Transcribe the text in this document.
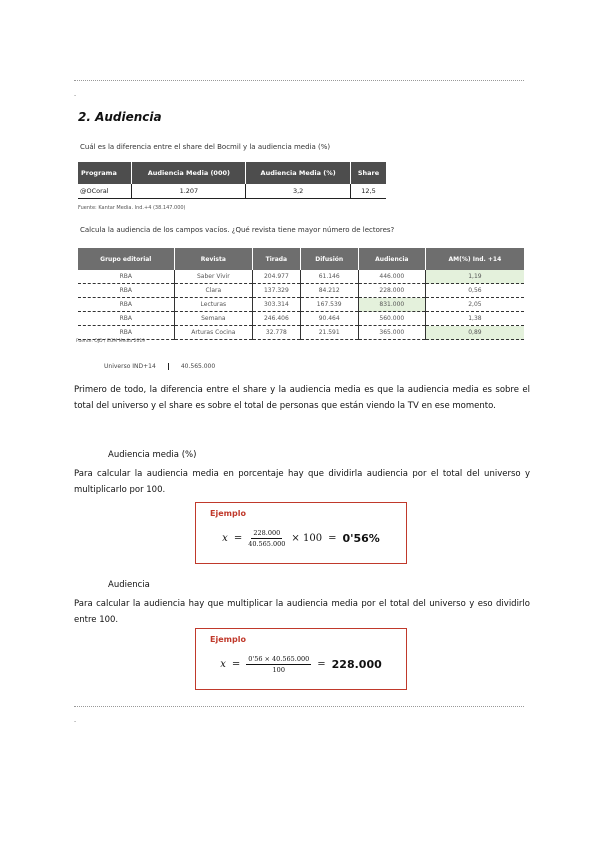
-
2. Audiencia
Cuál es la diferencia entre el share del Bocmil y la audiencia media (%)
Programa	Audiencia Media (000)	Audiencia Media (%)	Share
@OCoral	1.207	3,2	12,5
Fuente: Kantar Media. Ind.+4 (38.147.000)
Calcula la audiencia de los campos vacíos. ¿Qué revista tiene mayor número de lectores?
Grupo editorial	Revista	Tirada	Difusión	Audiencia	AM(%) Ind. +14
RBA	Saber Vivir	204.977	61.146	446.000	1,19
RBA	Clara	137.329	84.212	228.000	0,56
RBA	Lecturas	303.314	167.539	831.000	2,05
RBA	Semana	246.406	90.464	560.000	1,38
RBA	Arturas Cocina	32.778	21.591	365.000	0,89
Fuente: OJD / EGM Media 2019
Universo IND+14	40.565.000
Primero de todo, la diferencia entre el share y la audiencia media es que la audiencia media es sobre el total del universo y el share es sobre el total de personas que están viendo la TV en ese momento.
Audiencia media (%)
Para calcular la audiencia media en porcentaje hay que dividirla audiencia por el total del universo y multiplicarlo por 100.
Ejemplo
$x = \frac{228.000}{40.565.000} \times 100 = 0'56\%$
Audiencia
Para calcular la audiencia hay que multiplicar la audiencia media por el total del universo y eso dividirlo entre 100.
Ejemplo
$x = \frac{0'56 \times 40.565.000}{100} = 228.000$
-
